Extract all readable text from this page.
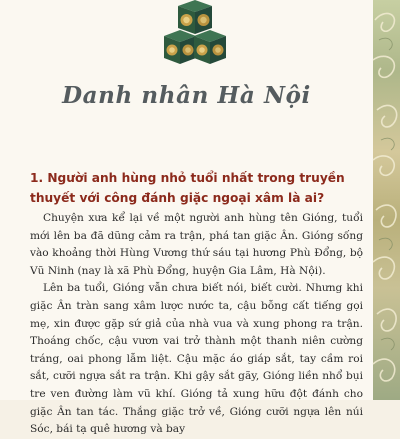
Danh nhân Hà Nội
1. Người anh hùng nhỏ tuổi nhất trong truyền thuyết với công đánh giặc ngoại xâm là ai?

Chuyện xưa kể lại về một người anh hùng tên Gióng, tuổi mới lên ba đã dũng cảm ra trận, phá tan giặc Ân. Gióng sống vào khoảng thời Hùng Vương thứ sáu tại hương Phù Đổng, bộ Vũ Ninh (nay là xã Phù Đổng, huyện Gia Lâm, Hà Nội).

Lên ba tuổi, Gióng vẫn chưa biết nói, biết cười. Nhưng khi giặc Ân tràn sang xâm lược nước ta, cậu bỗng cất tiếng gọi mẹ, xin được gặp sứ giả của nhà vua và xung phong ra trận. Thoáng chốc, cậu vươn vai trở thành một thanh niên cường tráng, oai phong lẫm liệt. Cậu mặc áo giáp sắt, tay cầm roi sắt, cưỡi ngựa sắt ra trận. Khi gậy sắt gãy, Gióng liền nhổ bụi tre ven đường làm vũ khí. Gióng tả xung hữu đột đánh cho giặc Ân tan tác. Thắng giặc trở về, Gióng cưỡi ngựa lên núi Sóc, bái tạ quê hương và bay
